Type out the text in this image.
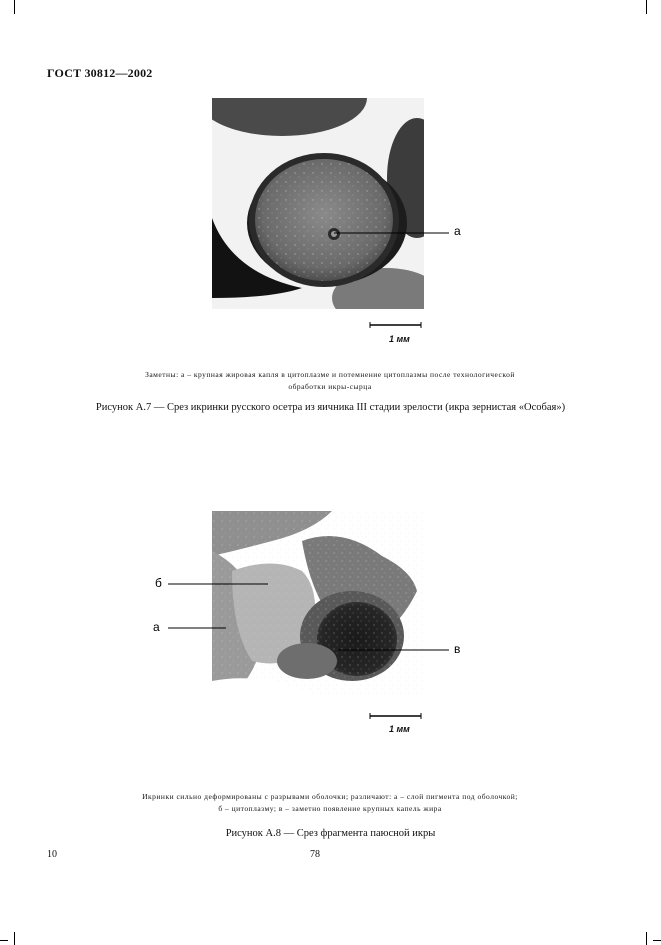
ГОСТ 30812—2002
а
1 мм
Заметны: а – крупная жировая капля в цитоплазме и потемнение цитоплазмы после технологической
обработки икры-сырца
Рисунок А.7 — Срез икринки русского осетра из яичника III стадии зрелости (икра зернистая «Особая»)
б
а
в
1 мм
Икринки сильно деформированы с разрывами оболочки; различают: а – слой пигмента под оболочкой;
б – цитоплазму; в – заметно появление крупных капель жира
Рисунок А.8 — Срез фрагмента паюсной икры
10	78
